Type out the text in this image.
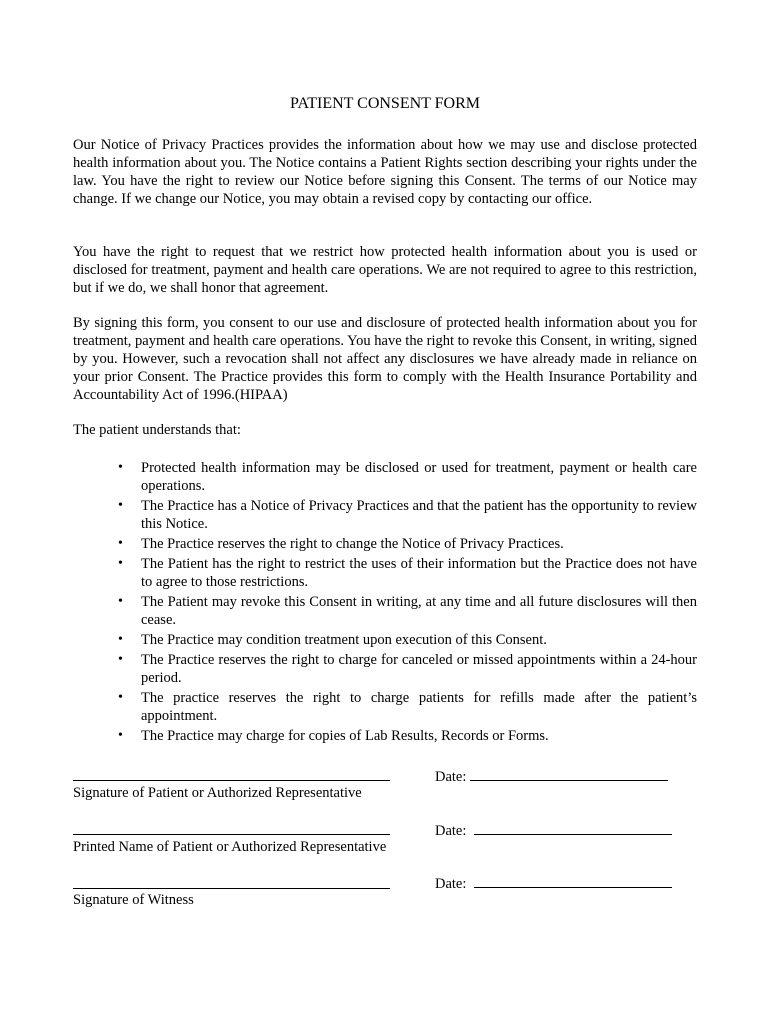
PATIENT CONSENT FORM

Our Notice of Privacy Practices provides the information about how we may use and disclose protected health information about you. The Notice contains a Patient Rights section describing your rights under the law. You have the right to review our Notice before signing this Consent. The terms of our Notice may change. If we change our Notice, you may obtain a revised copy by contacting our office.

You have the right to request that we restrict how protected health information about you is used or disclosed for treatment, payment and health care operations. We are not required to agree to this restriction, but if we do, we shall honor that agreement.

By signing this form, you consent to our use and disclosure of protected health information about you for treatment, payment and health care operations. You have the right to revoke this Consent, in writing, signed by you. However, such a revocation shall not affect any disclosures we have already made in reliance on your prior Consent. The Practice provides this form to comply with the Health Insurance Portability and Accountability Act of 1996.(HIPAA)

The patient understands that:
• Protected health information may be disclosed or used for treatment, payment or health care operations.
• The Practice has a Notice of Privacy Practices and that the patient has the opportunity to review this Notice.
• The Practice reserves the right to change the Notice of Privacy Practices.
• The Patient has the right to restrict the uses of their information but the Practice does not have to agree to those restrictions.
• The Patient may revoke this Consent in writing, at any time and all future disclosures will then cease.
• The Practice may condition treatment upon execution of this Consent.
• The Practice reserves the right to charge for canceled or missed appointments within a 24-hour period.
• The practice reserves the right to charge patients for refills made after the patient’s appointment.
• The Practice may charge for copies of Lab Results, Records or Forms.
Signature of Patient or Authorized Representative
Date:
Printed Name of Patient or Authorized Representative
Date:
Signature of Witness
Date:
